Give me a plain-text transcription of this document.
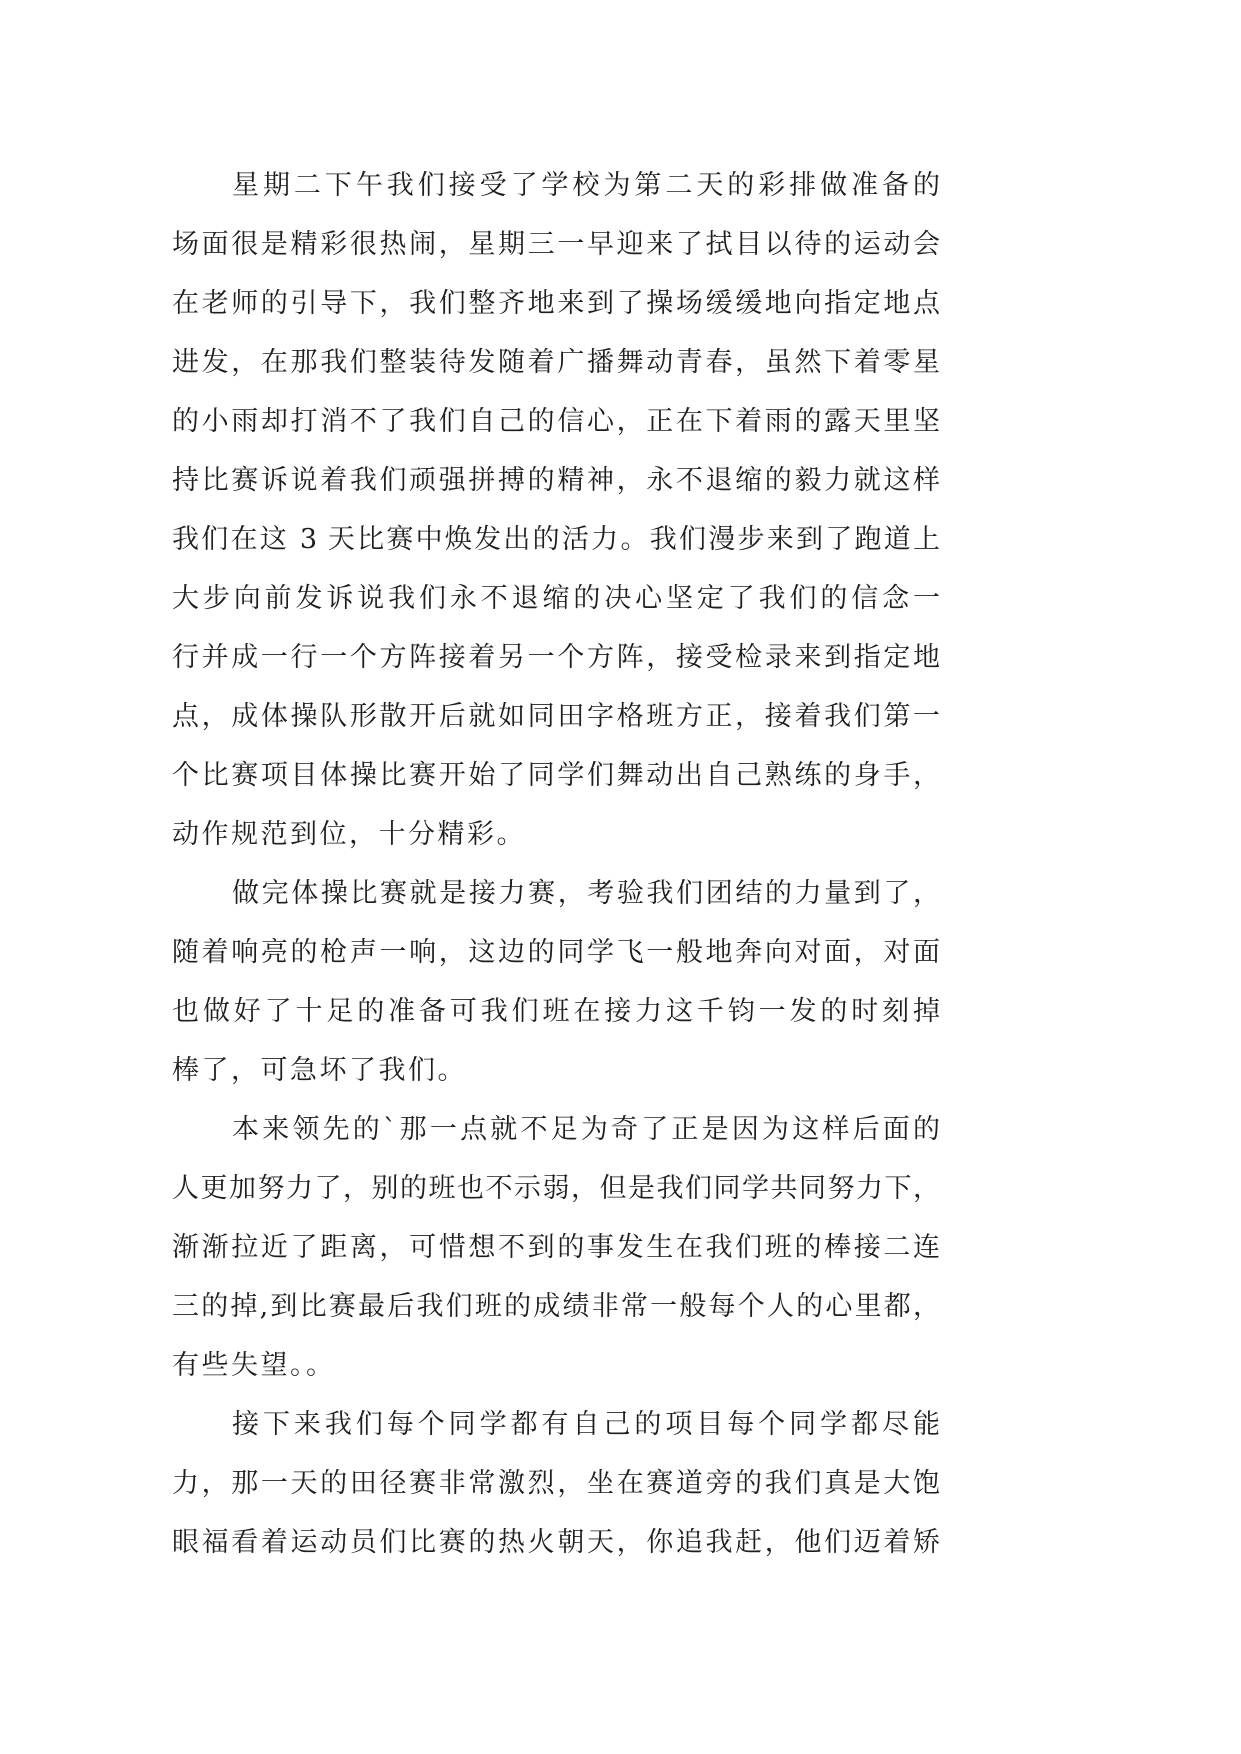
星期二下午我们接受了学校为第二天的彩排做准备的
场面很是精彩很热闹，星期三一早迎来了拭目以待的运动会
在老师的引导下，我们整齐地来到了操场缓缓地向指定地点
进发，在那我们整装待发随着广播舞动青春，虽然下着零星
的小雨却打消不了我们自己的信心，正在下着雨的露天里坚
持比赛诉说着我们顽强拼搏的精神，永不退缩的毅力就这样
我们在这 3 天比赛中焕发出的活力。我们漫步来到了跑道上
大步向前发诉说我们永不退缩的决心坚定了我们的信念一
行并成一行一个方阵接着另一个方阵，接受检录来到指定地
点，成体操队形散开后就如同田字格班方正，接着我们第一
个比赛项目体操比赛开始了同学们舞动出自己熟练的身手，
动作规范到位，十分精彩。
做完体操比赛就是接力赛，考验我们团结的力量到了，
随着响亮的枪声一响，这边的同学飞一般地奔向对面，对面
也做好了十足的准备可我们班在接力这千钧一发的时刻掉
棒了，可急坏了我们。
本来领先的`那一点就不足为奇了正是因为这样后面的
人更加努力了，别的班也不示弱，但是我们同学共同努力下，
渐渐拉近了距离，可惜想不到的事发生在我们班的棒接二连
三的掉,到比赛最后我们班的成绩非常一般每个人的心里都，
有些失望。。
接下来我们每个同学都有自己的项目每个同学都尽能
力，那一天的田径赛非常激烈，坐在赛道旁的我们真是大饱
眼福看着运动员们比赛的热火朝天，你追我赶，他们迈着矫
